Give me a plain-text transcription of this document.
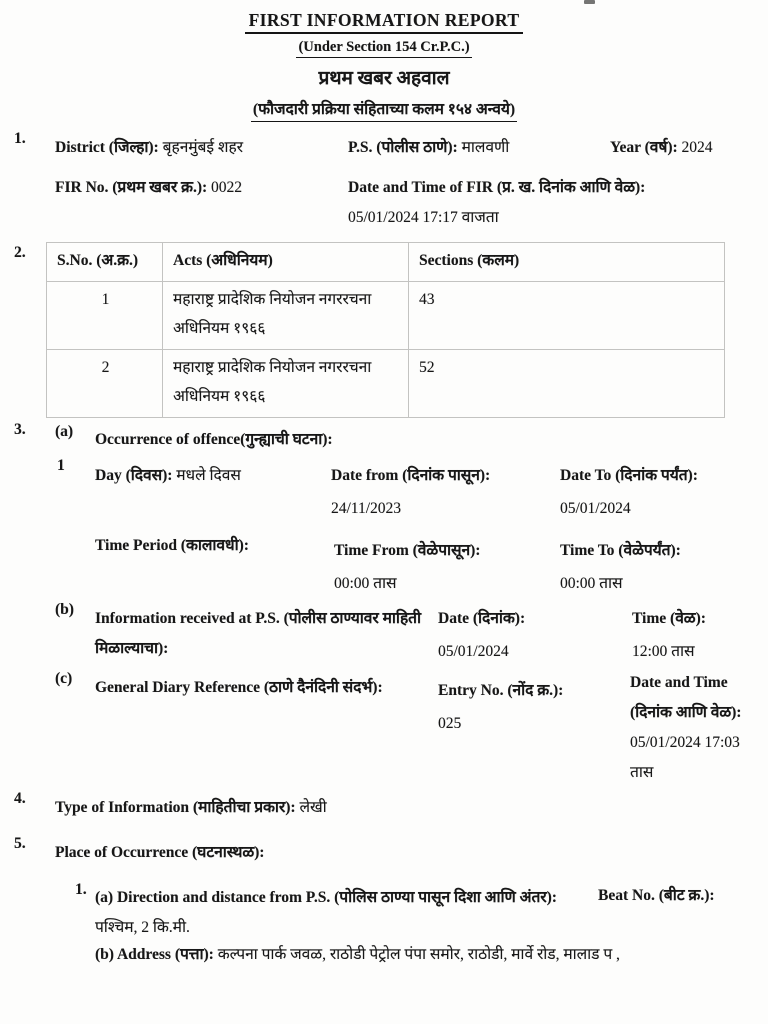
FIRST INFORMATION REPORT
(Under Section 154 Cr.P.C.)
प्रथम खबर अहवाल
(फौजदारी प्रक्रिया संहिताच्या कलम १५४ अन्वये)
1.
District (जिल्हा): बृहनमुंबई शहर	P.S. (पोलीस ठाणे): मालवणी	Year (वर्ष): 2024
FIR No. (प्रथम खबर क्र.): 0022	Date and Time of FIR (प्र. ख. दिनांक आणि वेळ):
05/01/2024 17:17 वाजता
2. S.No. (अ.क्र.)	Acts (अधिनियम)	Sections (कलम)
1	महाराष्ट्र प्रादेशिक नियोजन नगररचना अधिनियम १९६६	43
2	महाराष्ट्र प्रादेशिक नियोजन नगररचना अधिनियम १९६६	52
3. (a) Occurrence of offence(गुन्ह्याची घटना):
1
Day (दिवस): मधले दिवस	Date from (दिनांक पासून):
24/11/2023
Date To (दिनांक पर्यंत):
05/01/2024
Time Period (कालावधी):	Time From (वेळेपासून):
00:00 तास
Time To (वेळेपर्यंत):
00:00 तास
(b)
Information received at P.S. (पोलीस ठाण्यावर माहिती मिळाल्याचा):
Date (दिनांक):
05/01/2024
Time (वेळ):
12:00 तास
(c)
General Diary Reference (ठाणे दैनंदिनी संदर्भ):	Entry No. (नोंद क्र.):
025
Date and Time (दिनांक आणि वेळ): 05/01/2024 17:03 तास
4.
Type of Information (माहितीचा प्रकार): लेखी
5.
Place of Occurrence (घटनास्थळ):
1. (a) Direction and distance from P.S. (पोलिस ठाण्या पासून दिशा आणि अंतर): पश्चिम, 2 कि.मी.
Beat No. (बीट क्र.):
(b) Address (पत्ता): कल्पना पार्क जवळ, राठोडी पेट्रोल पंपा समोर, राठोडी, मार्वे रोड, मालाड प ,
